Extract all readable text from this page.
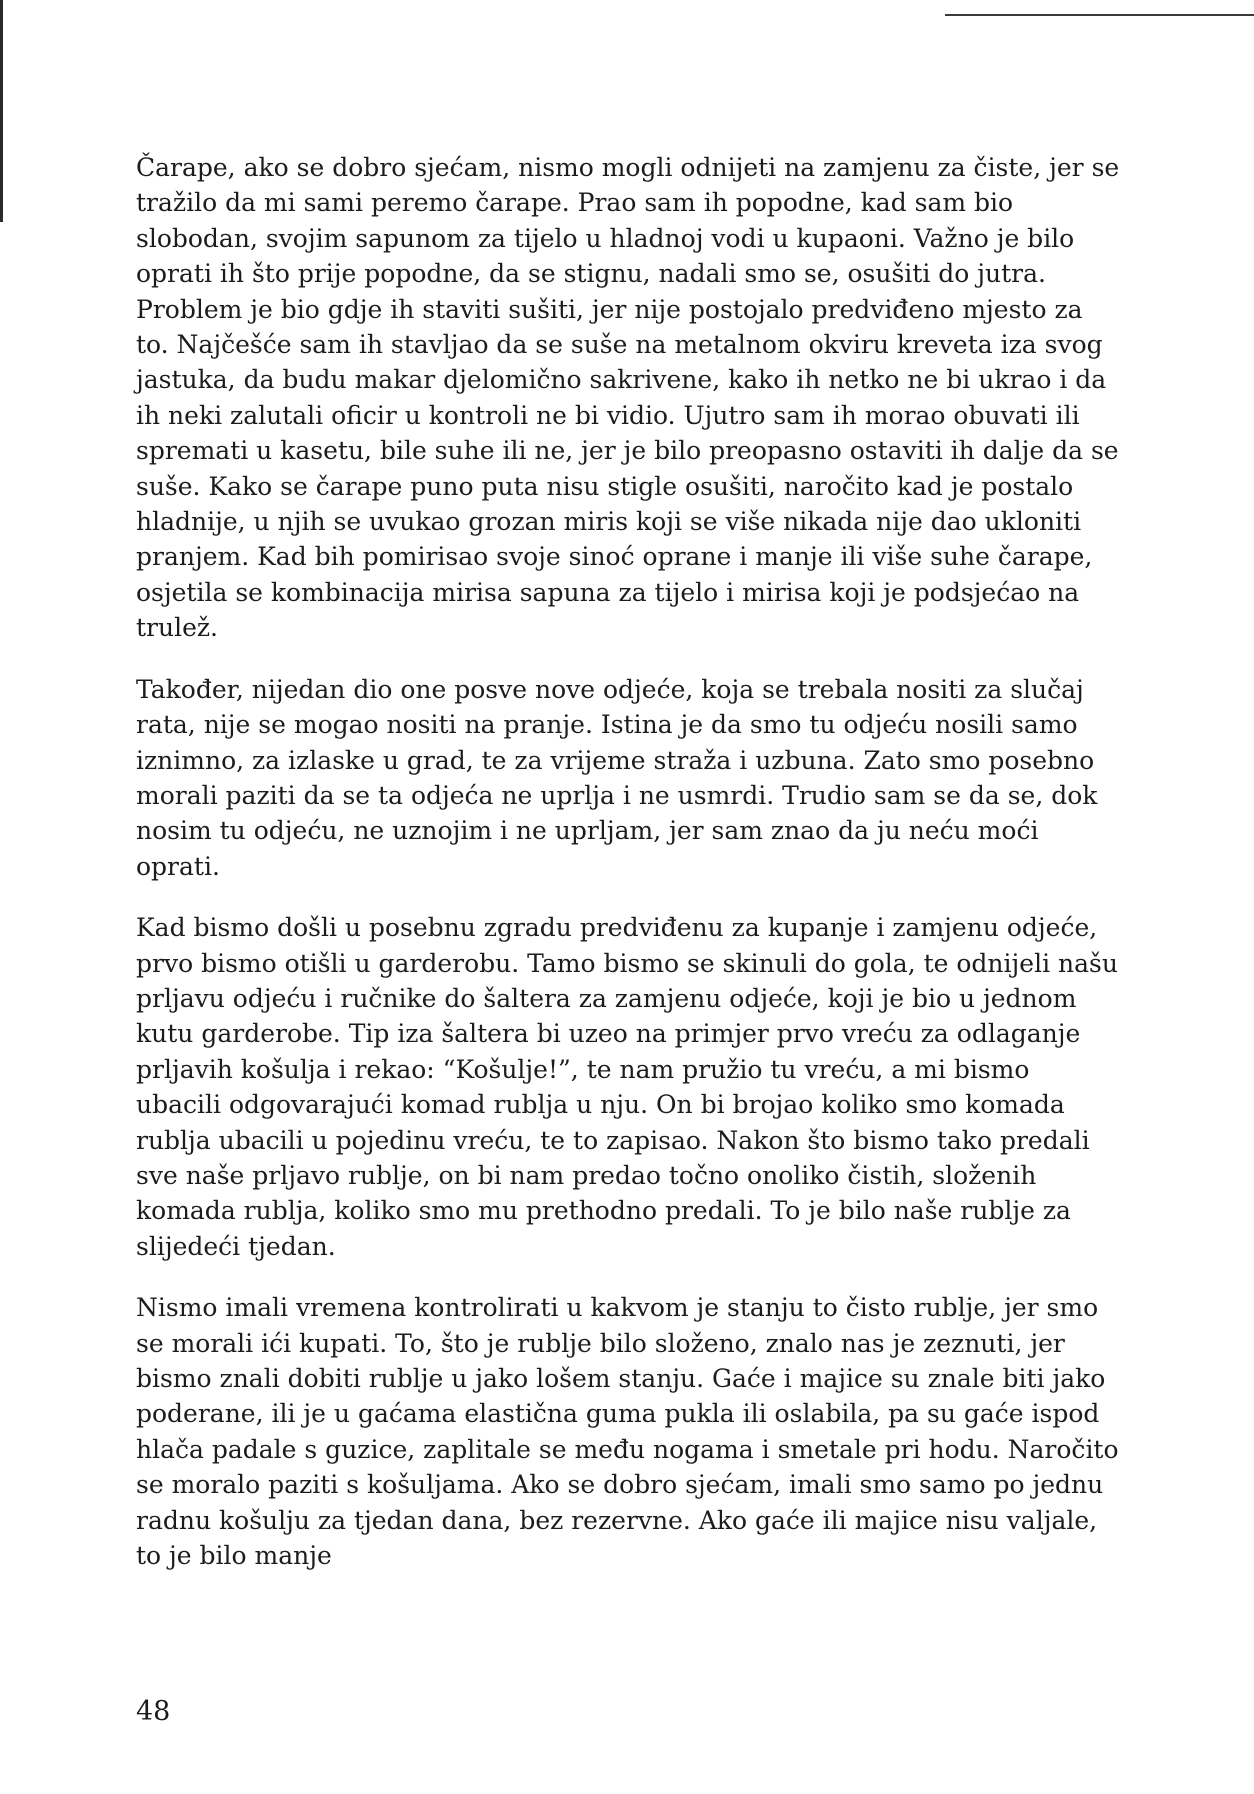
Čarape, ako se dobro sjećam, nismo mogli odnijeti na zamjenu za čiste, jer se tražilo da mi sami peremo čarape. Prao sam ih popodne, kad sam bio slobodan, svojim sapunom za tijelo u hladnoj vodi u kupaoni. Važno je bilo oprati ih što prije popodne, da se stignu, nadali smo se, osušiti do jutra. Problem je bio gdje ih staviti sušiti, jer nije postojalo predviđeno mjesto za to. Najčešće sam ih stavljao da se suše na metalnom okviru kreveta iza svog jastuka, da budu makar djelomično sakrivene, kako ih netko ne bi ukrao i da ih neki zalutali oficir u kontroli ne bi vidio. Ujutro sam ih morao obuvati ili spremati u kasetu, bile suhe ili ne, jer je bilo preopasno ostaviti ih dalje da se suše. Kako se čarape puno puta nisu stigle osušiti, naročito kad je postalo hladnije, u njih se uvukao grozan miris koji se više nikada nije dao ukloniti pranjem. Kad bih pomirisao svoje sinoć oprane i manje ili više suhe čarape, osjetila se kombinacija mirisa sapuna za tijelo i mirisa koji je podsjećao na trulež.

Također, nijedan dio one posve nove odjeće, koja se trebala nositi za slučaj rata, nije se mogao nositi na pranje. Istina je da smo tu odjeću nosili samo iznimno, za izlaske u grad, te za vrijeme straža i uzbuna. Zato smo posebno morali paziti da se ta odjeća ne uprlja i ne usmrdi. Trudio sam se da se, dok nosim tu odjeću, ne uznojim i ne uprljam, jer sam znao da ju neću moći oprati.

Kad bismo došli u posebnu zgradu predviđenu za kupanje i zamjenu odjeće, prvo bismo otišli u garderobu. Tamo bismo se skinuli do gola, te odnijeli našu prljavu odjeću i ručnike do šaltera za zamjenu odjeće, koji je bio u jednom kutu garderobe. Tip iza šaltera bi uzeo na primjer prvo vreću za odlaganje prljavih košulja i rekao: “Košulje!”, te nam pružio tu vreću, a mi bismo ubacili odgovarajući komad rublja u nju. On bi brojao koliko smo komada rublja ubacili u pojedinu vreću, te to zapisao. Nakon što bismo tako predali sve naše prljavo rublje, on bi nam predao točno onoliko čistih, složenih komada rublja, koliko smo mu prethodno predali. To je bilo naše rublje za slijedeći tjedan.

Nismo imali vremena kontrolirati u kakvom je stanju to čisto rublje, jer smo se morali ići kupati. To, što je rublje bilo složeno, znalo nas je zeznuti, jer bismo znali dobiti rublje u jako lošem stanju. Gaće i majice su znale biti jako poderane, ili je u gaćama elastična guma pukla ili oslabila, pa su gaće ispod hlača padale s guzice, zaplitale se među nogama i smetale pri hodu. Naročito se moralo paziti s košuljama. Ako se dobro sjećam, imali smo samo po jednu radnu košulju za tjedan dana, bez rezervne. Ako gaće ili majice nisu valjale, to je bilo manje

48
